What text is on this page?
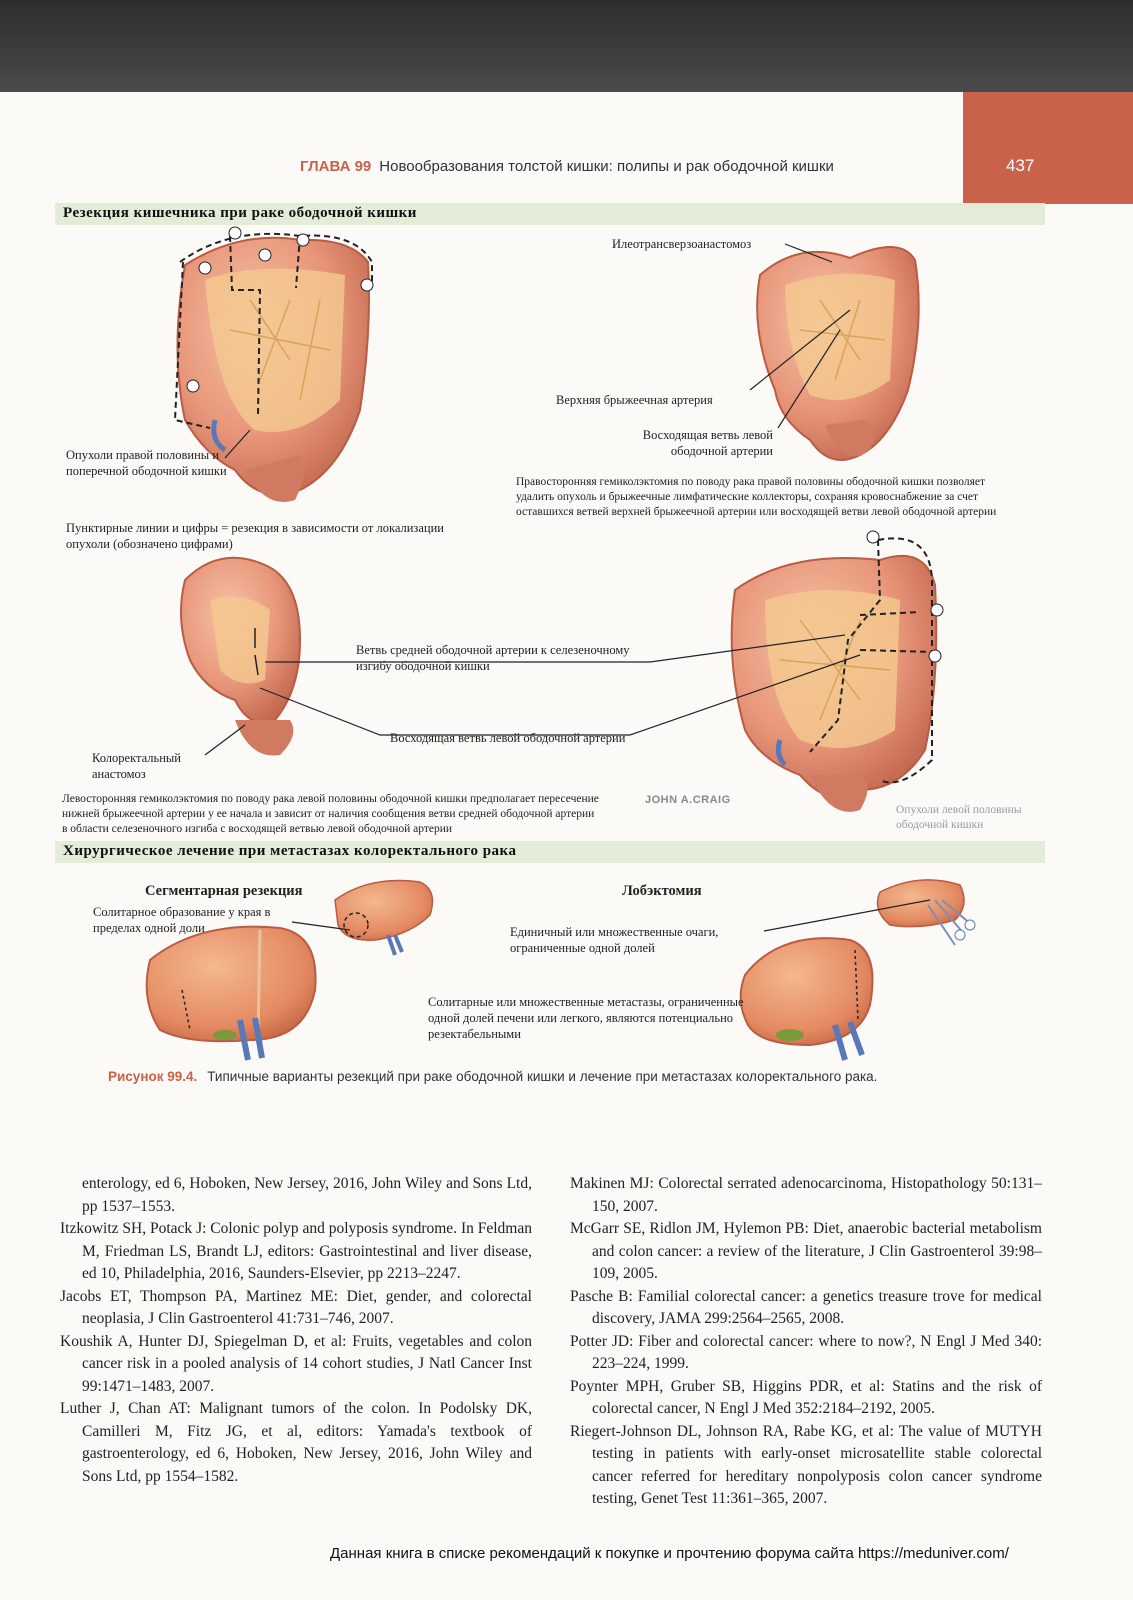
ГЛАВА 99 Новообразования толстой кишки: полипы и рак ободочной кишки	437
Резекция кишечника при раке ободочной кишки
Хирургическое лечение при метастазах колоректального рака
Опухоли правой половины и поперечной ободочной кишки
Пунктирные линии и цифры = резекция в зависимости от локализации опухоли (обозначено цифрами)
Илеотрансверзоанастомоз
Верхняя брыжеечная артерия
Восходящая ветвь левой ободочной артерии
Правосторонняя гемиколэктомия по поводу рака правой половины ободочной кишки позволяет удалить опухоль и брыжеечные лимфатические коллекторы, сохраняя кровоснабжение за счет оставшихся ветвей верхней брыжеечной артерии или восходящей ветви левой ободочной артерии
Ветвь средней ободочной артерии к селезеночному изгибу ободочной кишки
Восходящая ветвь левой ободочной артерии
Колоректальный анастомоз
Левосторонняя гемиколэктомия по поводу рака левой половины ободочной кишки предполагает пересечение нижней брыжеечной артерии у ее начала и зависит от наличия сообщения ветви средней ободочной артерии в области селезеночного изгиба с восходящей ветвью левой ободочной артерии
Опухоли левой половины ободочной кишки
JOHN A.CRAIG
Сегментарная резекция
Солитарное образование у края в пределах одной доли
Лобэктомия
Единичный или множественные очаги, ограниченные одной долей
Солитарные или множественные метастазы, ограниченные одной долей печени или легкого, являются потенциально резектабельными
Рисунок 99.4. Типичные варианты резекций при раке ободочной кишки и лечение при метастазах колоректального рака.

enterology, ed 6, Hoboken, New Jersey, 2016, John Wiley and Sons Ltd, pp 1537–1553.

Itzkowitz SH, Potack J: Colonic polyp and polyposis syndrome. In Feldman M, Friedman LS, Brandt LJ, editors: Gastrointestinal and liver disease, ed 10, Philadelphia, 2016, Saunders-Elsevier, pp 2213–2247.

Jacobs ET, Thompson PA, Martinez ME: Diet, gender, and colorectal neoplasia, J Clin Gastroenterol 41:731–746, 2007.

Koushik A, Hunter DJ, Spiegelman D, et al: Fruits, vegetables and colon cancer risk in a pooled analysis of 14 cohort studies, J Natl Cancer Inst 99:1471–1483, 2007.

Luther J, Chan AT: Malignant tumors of the colon. In Podolsky DK, Camilleri M, Fitz JG, et al, editors: Yamada's textbook of gastroenterology, ed 6, Hoboken, New Jersey, 2016, John Wiley and Sons Ltd, pp 1554–1582.

Makinen MJ: Colorectal serrated adenocarcinoma, Histopathology 50:131–150, 2007.

McGarr SE, Ridlon JM, Hylemon PB: Diet, anaerobic bacterial metabolism and colon cancer: a review of the literature, J Clin Gastroenterol 39:98–109, 2005.

Pasche B: Familial colorectal cancer: a genetics treasure trove for medical discovery, JAMA 299:2564–2565, 2008.

Potter JD: Fiber and colorectal cancer: where to now?, N Engl J Med 340: 223–224, 1999.

Poynter MPH, Gruber SB, Higgins PDR, et al: Statins and the risk of colorectal cancer, N Engl J Med 352:2184–2192, 2005.

Riegert-Johnson DL, Johnson RA, Rabe KG, et al: The value of MUTYH testing in patients with early-onset microsatellite stable colorectal cancer referred for hereditary nonpolyposis colon cancer syndrome testing, Genet Test 11:361–365, 2007.

Данная книга в списке рекомендаций к покупке и прочтению форума сайта https://meduniver.com/
